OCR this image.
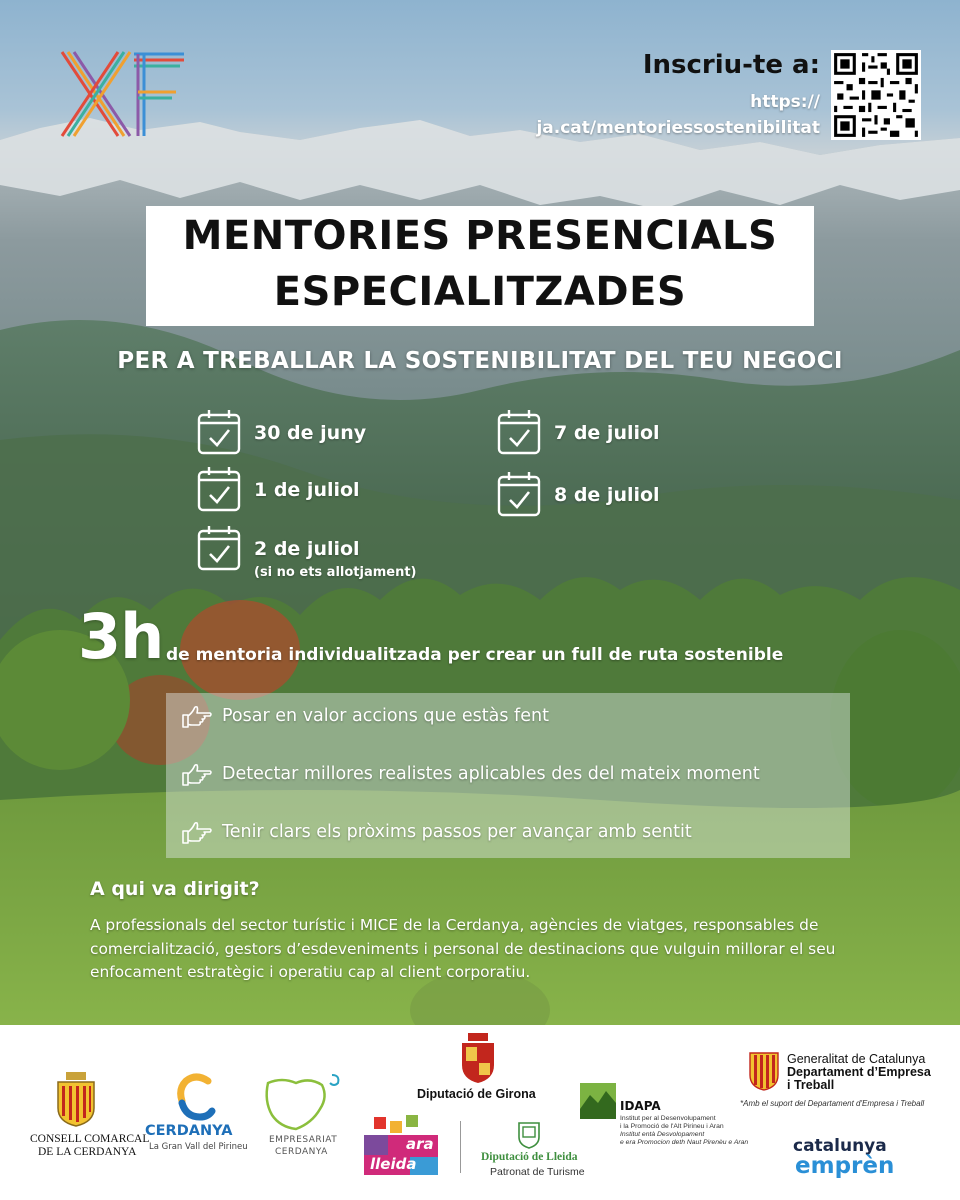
Inscriu-te a:
https://
ja.cat/mentoriessostenibilitat
MENTORIES PRESENCIALS
ESPECIALITZADES
PER A TREBALLAR LA SOSTENIBILITAT DEL TEU NEGOCI
30 de juny
1 de juliol
2 de juliol
(si no ets allotjament)
7 de juliol
8 de juliol
3h de mentoria individualitzada per crear un full de ruta sostenible
Posar en valor accions que estàs fent
Detectar millores realistes aplicables des del mateix moment
Tenir clars els pròxims passos per avançar amb sentit
A qui va dirigit?
A professionals del sector turístic i MICE de la Cerdanya, agències de viatges, responsables de comercialització, gestors d’esdeveniments i personal de destinacions que vulguin millorar el seu enfocament estratègic i operatiu cap al client corporatiu.
CONSELL COMARCAL
DE LA CERDANYA
CERDANYA
La Gran Vall del Pirineu
EMPRESARIAT
CERDANYA
Diputació de Girona
ara
lleida	Diputació de Lleida
Patronat de Turisme
IDAPA
Institut per al Desenvolupament
i la Promoció de l'Alt Pirineu i Aran
Institut entà Desvolopament
e era Promocion deth Naut Pirenèu e Aran
Generalitat de Catalunya
Departament d’Empresa
i Treball
*Amb el suport del Departament d'Empresa i Treball
catalunya
emprèn
